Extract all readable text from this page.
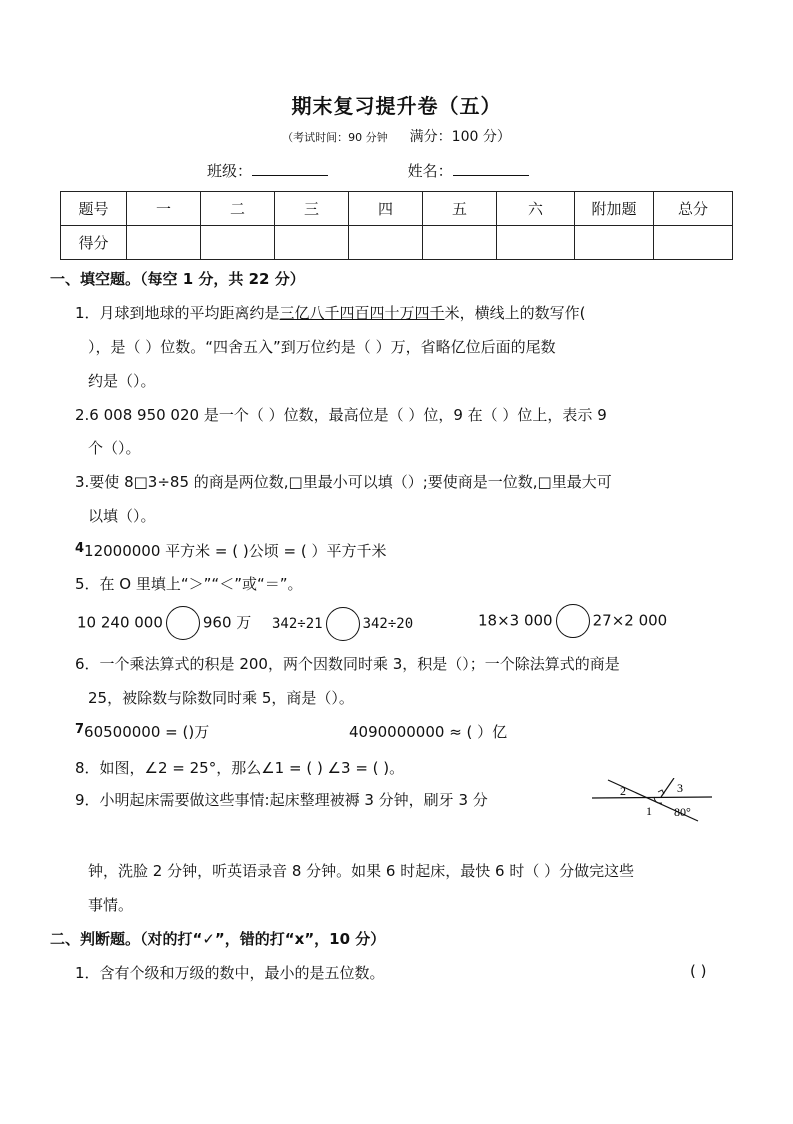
期末复习提升卷（五）
（考试时间：90 分钟 满分：100 分）
班级：	姓名：
题号	一	二	三	四	五	六	附加题	总分
得分								
一、填空题。（每空 1 分，共 22 分）
1．月球到地球的平均距离约是三亿八千四百四十万四千米，横线上的数写作(
），是（ ）位数。“四舍五入”到万位约是（ ）万，省略亿位后面的尾数
约是（）。
2.6 008 950 020 是一个（ ）位数，最高位是（ ）位，9 在（ ）位上，表示 9
个（）。
3.要使 8□3÷85 的商是两位数,□里最小可以填（）;要使商是一位数,□里最大可
以填（）。
412000000 平方米 = ( )公顷 = ( ）平方千米
5．在 O 里填上“＞”“＜”或“＝”。
10 240 000	960 万 342÷21	342÷20	18×3 000	27×2 000
6．一个乘法算式的积是 200，两个因数同时乘 3，积是（）；一个除法算式的商是
25，被除数与除数同时乘 5，商是（）。
760500000 = ()万	4090000000 ≈ ( ）亿
8．如图，∠2 = 25°，那么∠1 = ( ) ∠3 = ( )。
9．小明起床需要做这些事情:起床整理被褥 3 分钟，刷牙 3 分
钟，洗脸 2 分钟，听英语录音 8 分钟。如果 6 时起床，最快 6 时（ ）分做完这些
事情。
2	3
1 80°
二、判断题。（对的打“✓”，错的打“x”，10 分）
1．含有个级和万级的数中，最小的是五位数。	( )
